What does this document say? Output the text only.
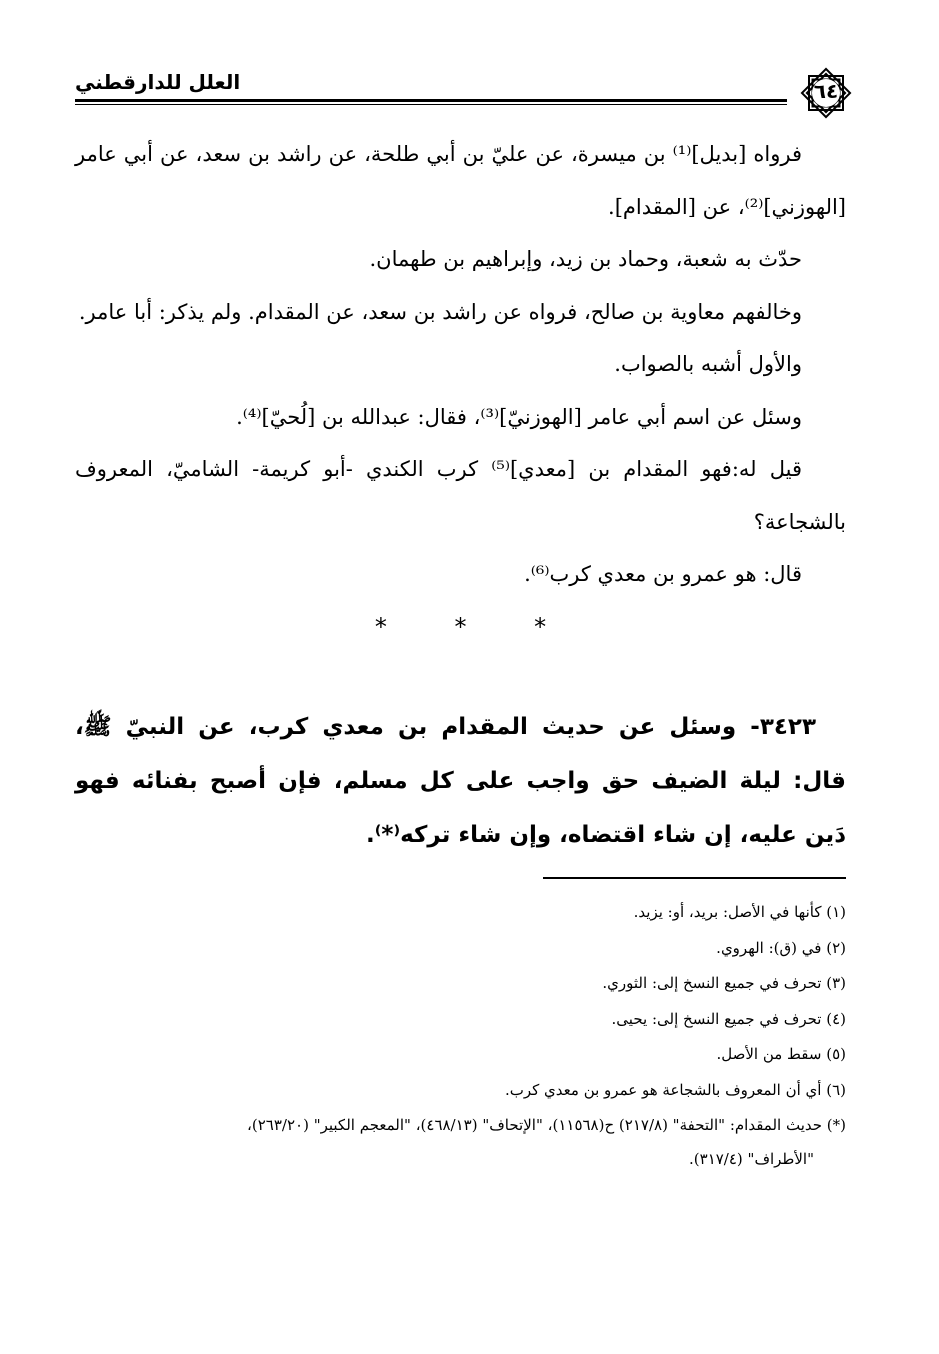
العلل للدارقطني	٦٤

فرواه [بديل]⁽¹⁾ بن ميسرة، عن عليّ بن أبي طلحة، عن راشد بن سعد، عن أبي عامر [الهوزني]⁽²⁾، عن [المقدام].

حدّث به شعبة، وحماد بن زيد، وإبراهيم بن طهمان.

وخالفهم معاوية بن صالح، فرواه عن راشد بن سعد، عن المقدام. ولم يذكر: أبا عامر.

والأول أشبه بالصواب.

وسئل عن اسم أبي عامر [الهوزنيّ]⁽³⁾، فقال: عبدالله بن [لُحيّ]⁽⁴⁾.

قيل له:فهو المقدام بن [معدي]⁽⁵⁾ كرب الكندي -أبو كريمة- الشاميّ، المعروف بالشجاعة؟

قال: هو عمرو بن معدي كرب⁽⁶⁾.

*	*	*

٣٤٢٣- وسئل عن حديث المقدام بن معدي كرب، عن النبيّ ﷺ، قال: ليلة الضيف حق واجب على كل مسلم، فإن أصبح بفنائه فهو دَين عليه، إن شاء اقتضاه، وإن شاء تركه⁽*⁾.

(١) كأنها في الأصل: بريد، أو: يزيد.

(٢) في (ق): الهروي.

(٣) تحرف في جميع النسخ إلى: الثوري.

(٤) تحرف في جميع النسخ إلى: يحيى.

(٥) سقط من الأصل.

(٦) أي أن المعروف بالشجاعة هو عمرو بن معدي كرب.

(*) حديث المقدام: "التحفة" (٢١٧/٨) ح(١١٥٦٨)، "الإتحاف" (٤٦٨/١٣)، "المعجم الكبير" (٢٦٣/٢٠)،

"الأطراف" (٣١٧/٤).
